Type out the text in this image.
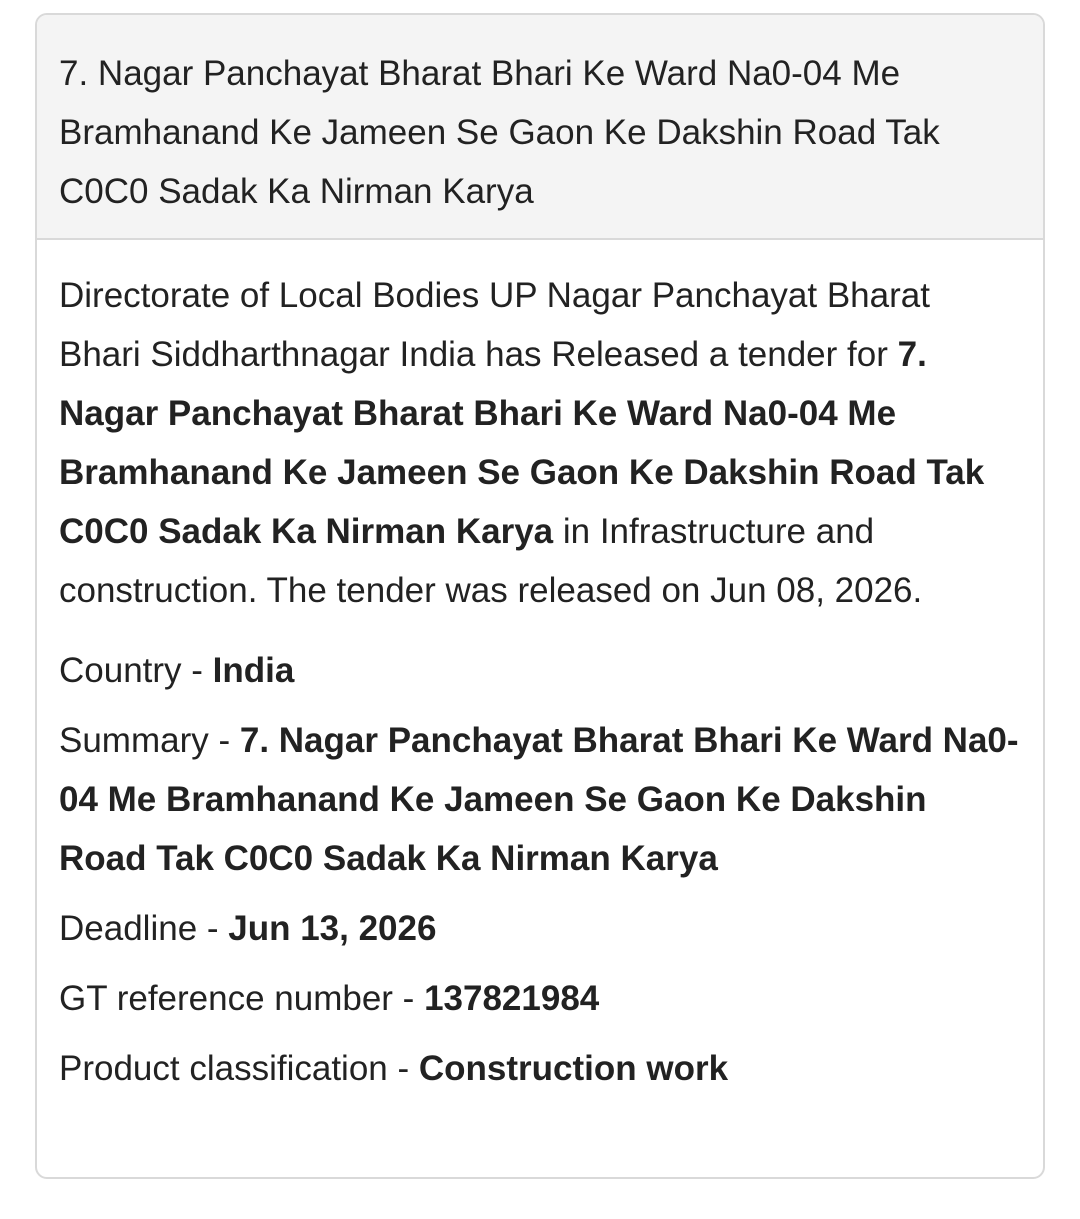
7. Nagar Panchayat Bharat Bhari Ke Ward Na0-04 Me Bramhanand Ke Jameen Se Gaon Ke Dakshin Road Tak C0C0 Sadak Ka Nirman Karya

Directorate of Local Bodies UP Nagar Panchayat Bharat Bhari Siddharthnagar India has Released a tender for 7. Nagar Panchayat Bharat Bhari Ke Ward Na0-04 Me Bramhanand Ke Jameen Se Gaon Ke Dakshin Road Tak C0C0 Sadak Ka Nirman Karya in Infrastructure and construction. The tender was released on Jun 08, 2026.

Country - India

Summary - 7. Nagar Panchayat Bharat Bhari Ke Ward Na0-04 Me Bramhanand Ke Jameen Se Gaon Ke Dakshin Road Tak C0C0 Sadak Ka Nirman Karya

Deadline - Jun 13, 2026

GT reference number - 137821984

Product classification - Construction work
